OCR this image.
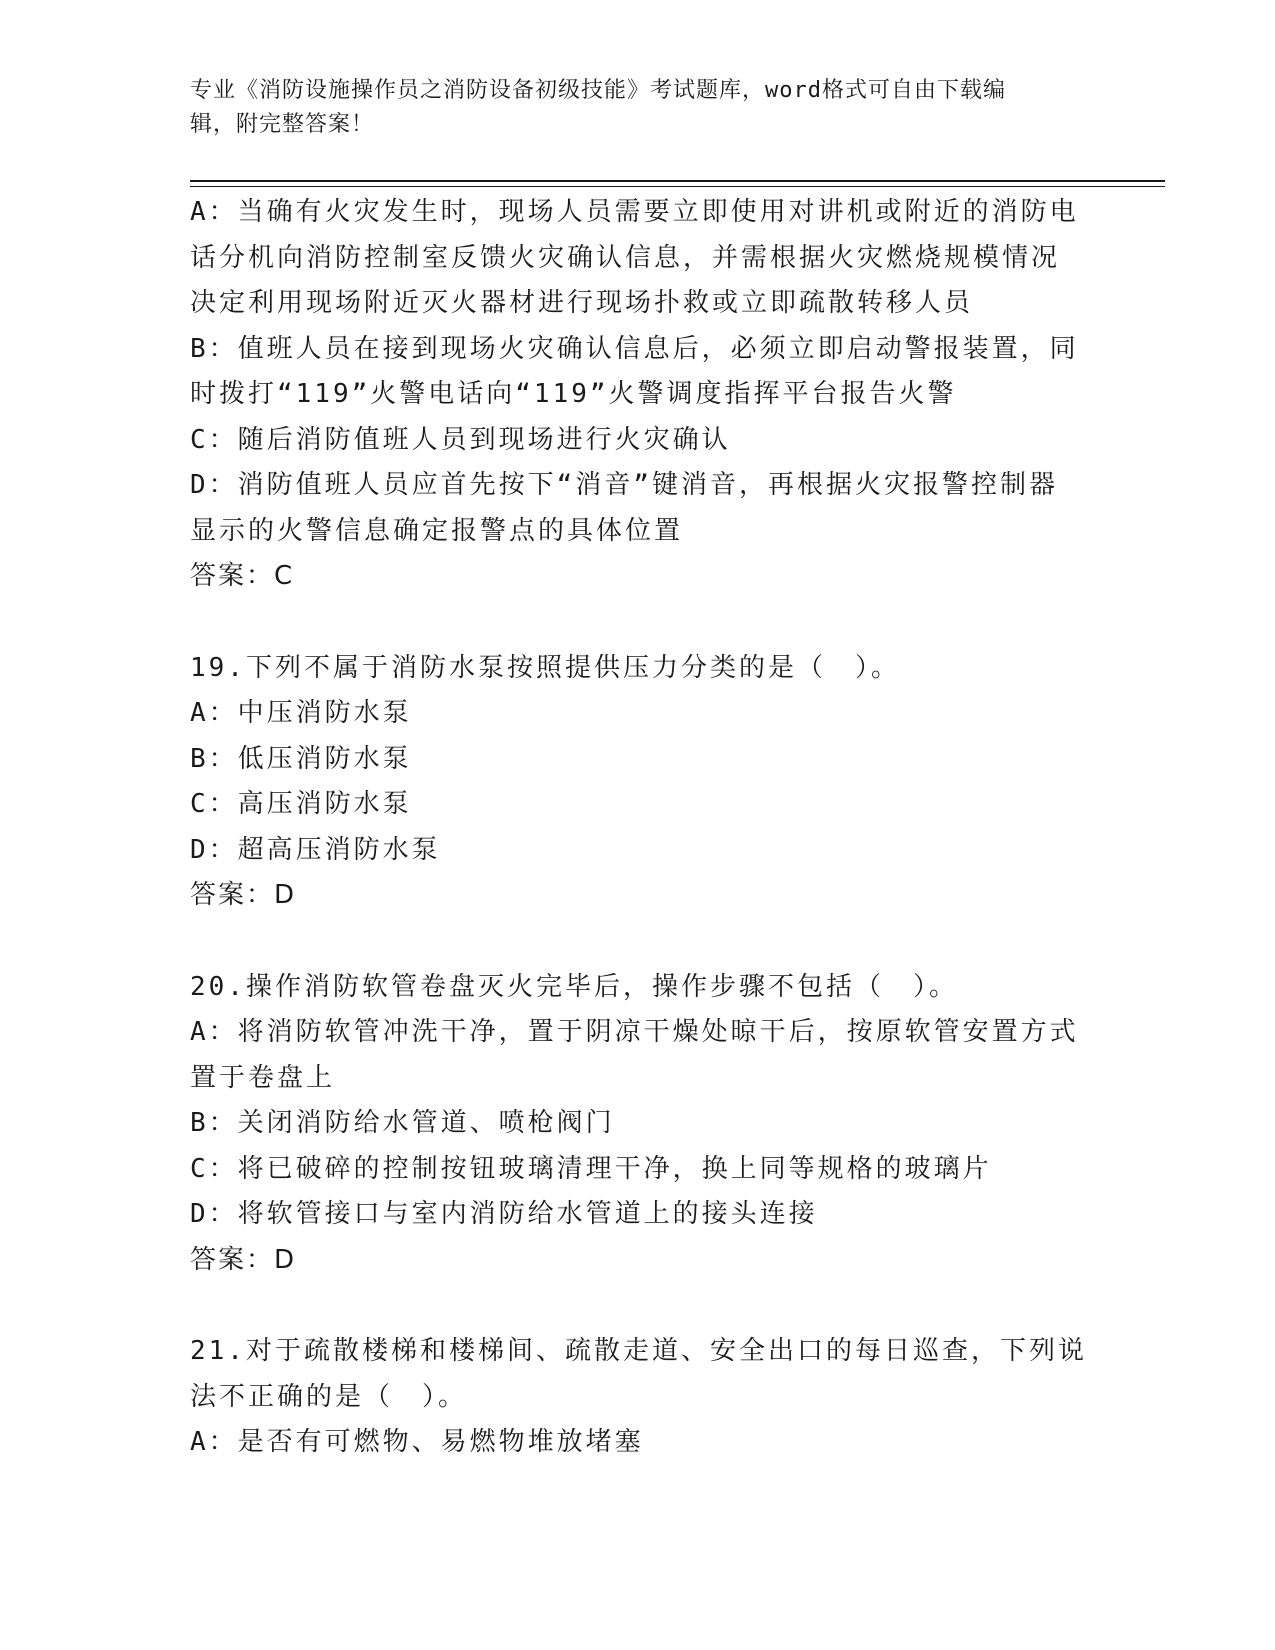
专业《消防设施操作员之消防设备初级技能》考试题库，word格式可自由下载编
辑，附完整答案！

A：当确有火灾发生时，现场人员需要立即使用对讲机或附近的消防电

话分机向消防控制室反馈火灾确认信息，并需根据火灾燃烧规模情况

决定利用现场附近灭火器材进行现场扑救或立即疏散转移人员

B：值班人员在接到现场火灾确认信息后，必须立即启动警报装置，同

时拨打“119”火警电话向“119”火警调度指挥平台报告火警

C：随后消防值班人员到现场进行火灾确认

D：消防值班人员应首先按下“消音”键消音，再根据火灾报警控制器

显示的火警信息确定报警点的具体位置

答案：C

19.下列不属于消防水泵按照提供压力分类的是（　）。

A：中压消防水泵

B：低压消防水泵

C：高压消防水泵

D：超高压消防水泵

答案：D

20.操作消防软管卷盘灭火完毕后，操作步骤不包括（　）。

A：将消防软管冲洗干净，置于阴凉干燥处晾干后，按原软管安置方式

置于卷盘上

B：关闭消防给水管道、喷枪阀门

C：将已破碎的控制按钮玻璃清理干净，换上同等规格的玻璃片

D：将软管接口与室内消防给水管道上的接头连接

答案：D

21.对于疏散楼梯和楼梯间、疏散走道、安全出口的每日巡查，下列说

法不正确的是（　）。

A：是否有可燃物、易燃物堆放堵塞
